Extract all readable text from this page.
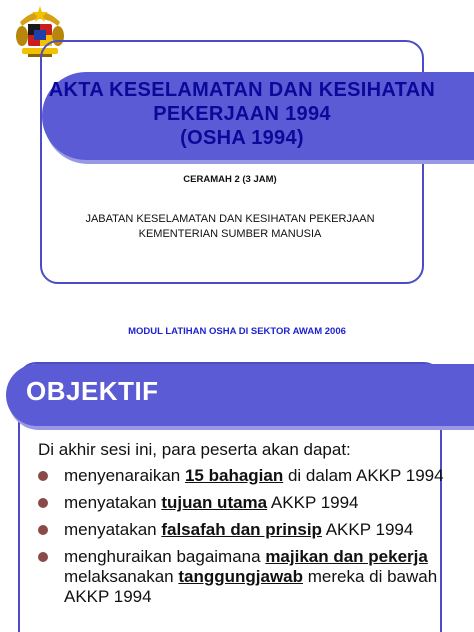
AKTA KESELAMATAN DAN KESIHATAN
PEKERJAAN 1994
(OSHA 1994)
CERAMAH 2 (3 JAM)
JABATAN KESELAMATAN DAN KESIHATAN PEKERJAAN
KEMENTERIAN SUMBER MANUSIA
MODUL LATIHAN OSHA DI SEKTOR AWAM 2006
OBJEKTIF
Di akhir sesi ini, para peserta akan dapat:
menyenaraikan 15 bahagian di dalam AKKP 1994
menyatakan tujuan utama AKKP 1994
menyatakan falsafah dan prinsip AKKP 1994
menghuraikan bagaimana majikan dan pekerja melaksanakan tanggungjawab mereka di bawah AKKP 1994
